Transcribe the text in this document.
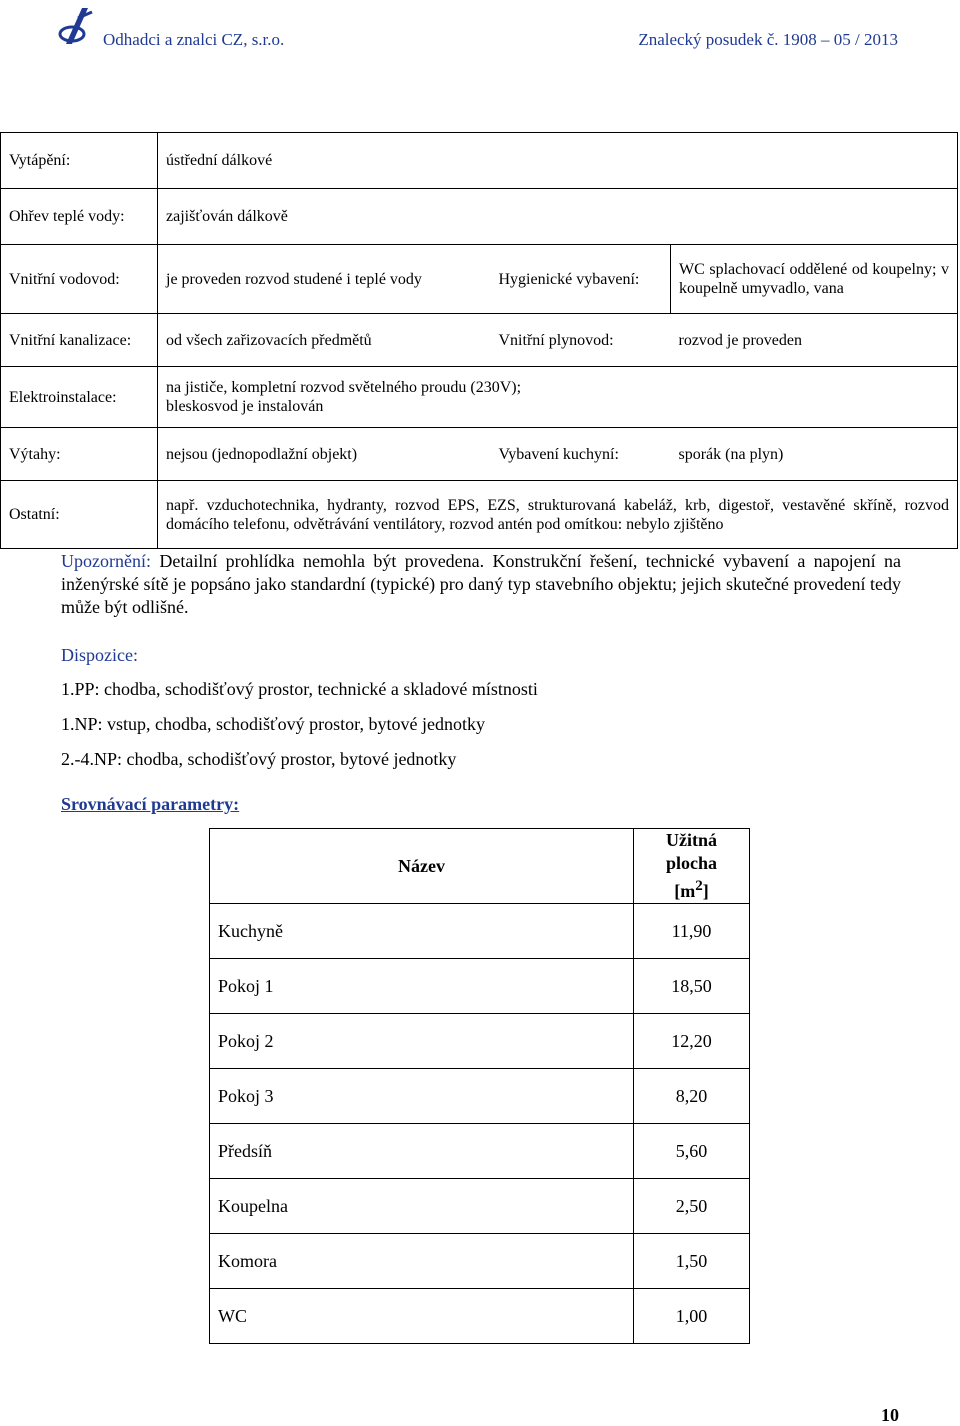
Odhadci a znalci CZ, s.r.o.	Znalecký posudek č. 1908 – 05 / 2013
Vytápění:	ústřední dálkové		
Ohřev teplé vody:	zajišťován dálkově		
Vnitřní vodovod:	je proveden rozvod studené i teplé vody	Hygienické vybavení:	WC splachovací oddělené od koupelny; v koupelně umyvadlo, vana
Vnitřní kanalizace:	od všech zařizovacích předmětů	Vnitřní plynovod:	rozvod je proveden
Elektroinstalace:	na jističe, kompletní rozvod světelného proudu (230V);
bleskosvod je instalován		

Výtahy:	nejsou (jednopodlažní objekt)	Vybavení kuchyní:	sporák (na plyn)
Ostatní:	např. vzduchotechnika, hydranty, rozvod EPS, EZS, strukturovaná kabeláž, krb, digestoř, vestavěné skříně, rozvod domácího telefonu, odvětrávání ventilátory, rozvod antén pod omítkou: nebylo zjištěno		
Upozornění: Detailní prohlídka nemohla být provedena. Konstrukční řešení, technické vybavení a napojení na inženýrské sítě je popsáno jako standardní (typické) pro daný typ stavebního objektu; jejich skutečné provedení tedy může být odlišné.
Dispozice:
1.PP: chodba, schodišťový prostor, technické a skladové místnosti
1.NP: vstup, chodba, schodišťový prostor, bytové jednotky
2.-4.NP: chodba, schodišťový prostor, bytové jednotky
Srovnávací parametry:
Název	Užitná
plocha
$[m^2]$
Kuchyně	11,90
Pokoj 1	18,50
Pokoj 2	12,20
Pokoj 3	8,20
Předsíň	5,60
Koupelna	2,50
Komora	1,50
WC	1,00
10
